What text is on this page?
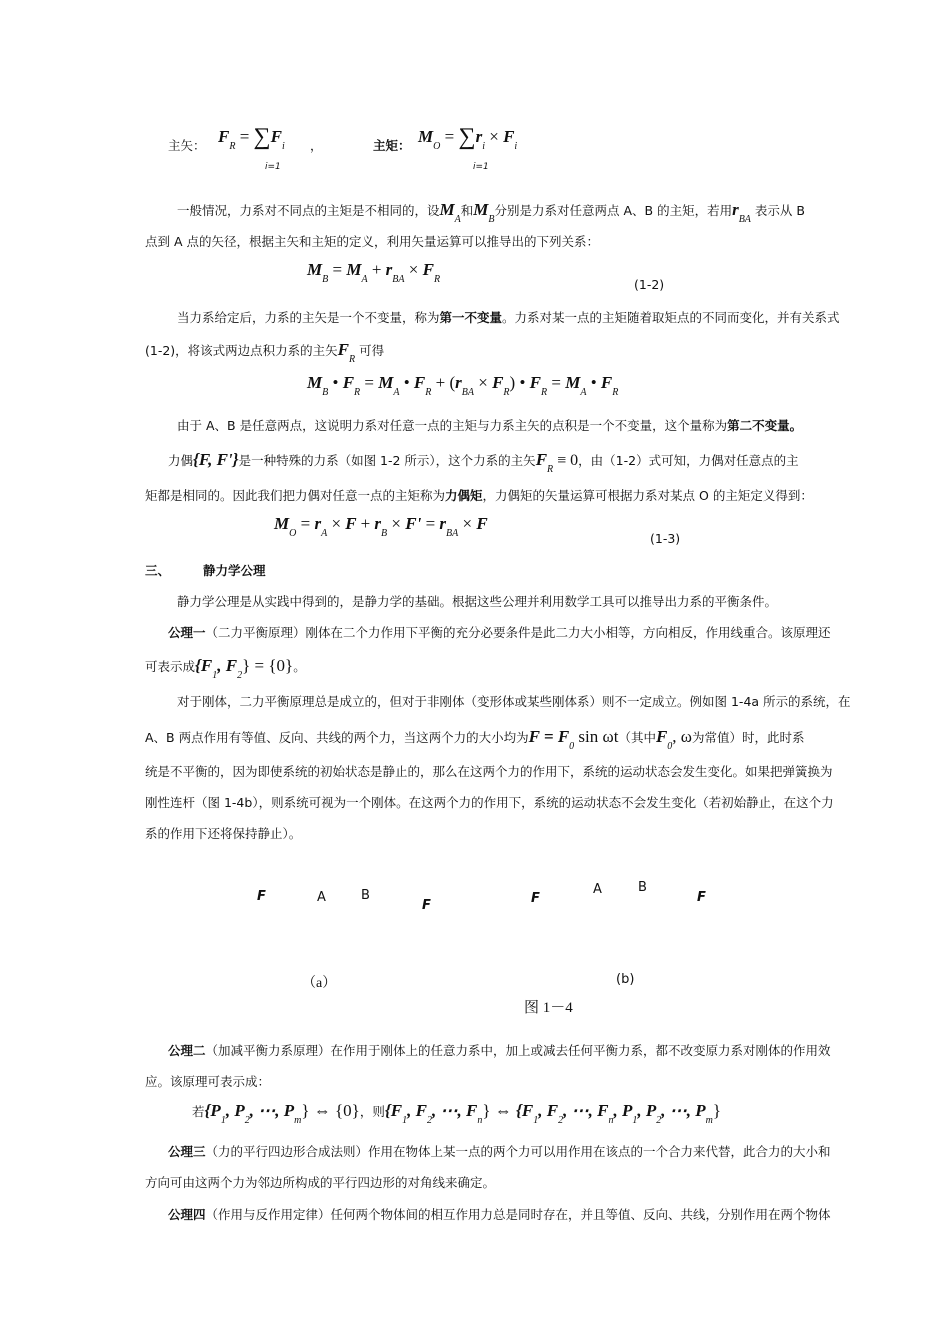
主矢： $F_R = \sum F_i$
i=1
，	主矩： $M_O = \sum r_i \times F_i$
i=1
一般情况，力系对不同点的主矩是不相同的，设$M_A$和$M_B$分别是力系对任意两点 A、B 的主矩，若用$r_{BA}$ 表示从 B
点到 A 点的矢径，根据主矢和主矩的定义，利用矢量运算可以推导出的下列关系：
$M_B = M_A + r_{BA} \times F_R$	(1-2)
当力系给定后，力系的主矢是一个不变量，称为第一不变量。力系对某一点的主矩随着取矩点的不同而变化，并有关系式
(1-2)，将该式两边点积力系的主矢$F_R$ 可得
$M_B$ • $F_R = M_A$ • $F_R + (r_{BA} \times F_R)$ • $F_R = M_A$ • $F_R$
由于 A、B 是任意两点，这说明力系对任意一点的主矩与力系主矢的点积是一个不变量，这个量称为第二不变量。
力偶{F, F'}是一种特殊的力系（如图 1-2 所示），这个力系的主矢$F_R \equiv 0$，由（1-2）式可知，力偶对任意点的主
矩都是相同的。因此我们把力偶对任意一点的主矩称为力偶矩，力偶矩的矢量运算可根据力系对某点 O 的主矩定义得到：
$M_O = r_A \times F + r_B \times F' = r_{BA} \times F$
(1-3)
三、	静力学公理
静力学公理是从实践中得到的，是静力学的基础。根据这些公理并利用数学工具可以推导出力系的平衡条件。
公理一（二力平衡原理）刚体在二个力作用下平衡的充分必要条件是此二力大小相等，方向相反，作用线重合。该原理还
可表示成{$F_1$, $F_2\} = \{0\}$。
对于刚体，二力平衡原理总是成立的，但对于非刚体（变形体或某些刚体系）则不一定成立。例如图 1-4a 所示的系统，在
A、B 两点作用有等值、反向、共线的两个力，当这两个力的大小均为$F = F_0$ sin ωt（其中$F_0$, ω为常值）时，此时系
统是不平衡的，因为即使系统的初始状态是静止的，那么在这两个力的作用下，系统的运动状态会发生变化。如果把弹簧换为
刚性连杆（图 1-4b），则系统可视为一个刚体。在这两个力的作用下，系统的运动状态不会发生变化（若初始静止，在这个力
系的作用下还将保持静止）。
F	A	B
F	F
A	B
F
（a）	(b)
图 1－4
公理二（加减平衡力系原理）在作用于刚体上的任意力系中，加上或减去任何平衡力系，都不改变原力系对刚体的作用效
应。该原理可表示成：
若{$P_1$, $P_2$, ⋯, $P_m$} ⇔ {0}，则{$F_1$, $F_2$, ⋯, $F_n$} ⇔ {$F_1$, $F_2$, ⋯, $F_n$, $P_1$, $P_2$, ⋯, $P_m$}
公理三（力的平行四边形合成法则）作用在物体上某一点的两个力可以用作用在该点的一个合力来代替，此合力的大小和
方向可由这两个力为邻边所构成的平行四边形的对角线来确定。
公理四（作用与反作用定律）任何两个物体间的相互作用力总是同时存在，并且等值、反向、共线，分别作用在两个物体
